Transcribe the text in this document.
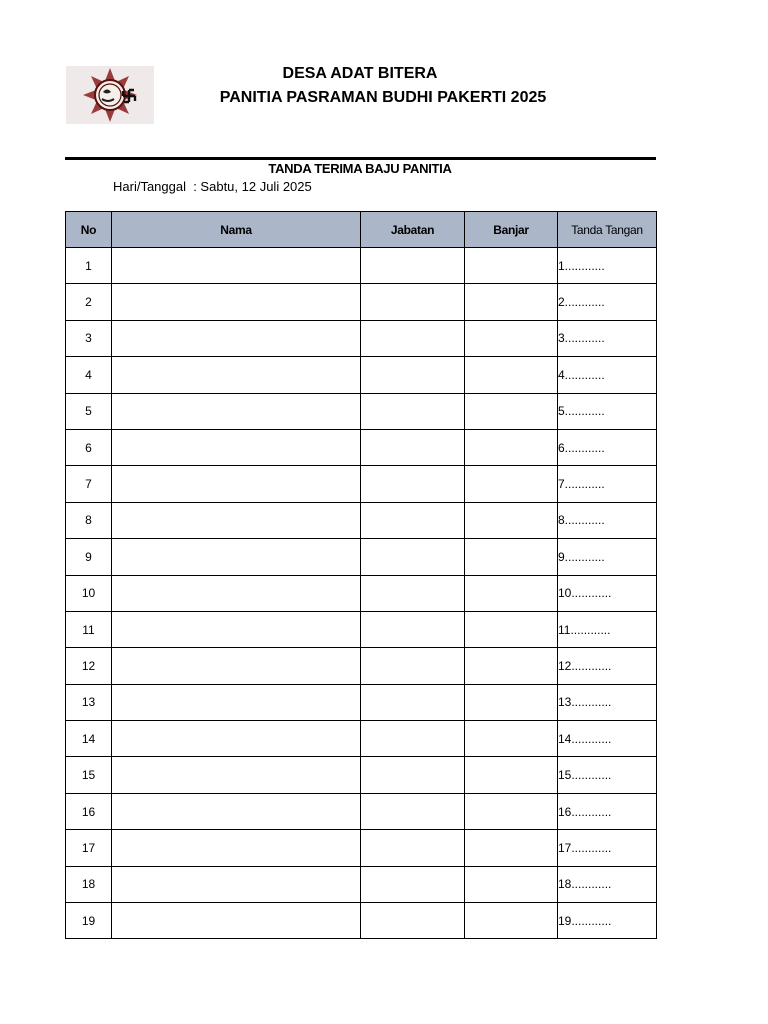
DESA ADAT BITERA
PANITIA PASRAMAN BUDHI PAKERTI 2025
TANDA TERIMA BAJU PANITIA
Hari/Tanggal  : Sabtu, 12 Juli 2025
No	Nama	Jabatan	Banjar	Tanda Tangan
1				1............
2				2............
3				3............
4				4............
5				5............
6				6............
7				7............
8				8............
9				9............
10				10............
11				11............
12				12............
13				13............
14				14............
15				15............
16				16............
17				17............
18				18............
19				19............
